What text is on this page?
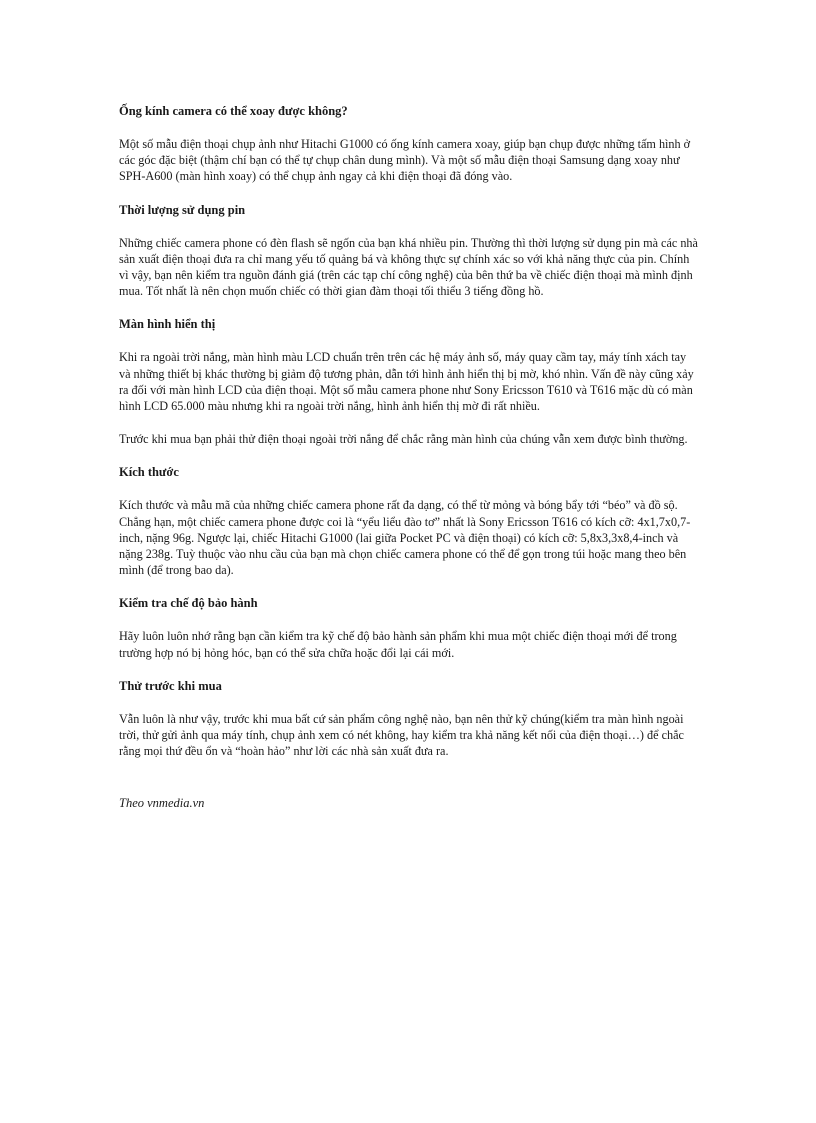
Ống kính camera có thể xoay được không?
Một số mẫu điện thoại chụp ảnh như Hitachi G1000 có ống kính camera xoay, giúp bạn chụp được những tấm hình ở các góc đặc biệt (thậm chí bạn có thể tự chụp chân dung mình). Và một số mẫu điện thoại Samsung dạng xoay như SPH-A600 (màn hình xoay) có thể chụp ảnh ngay cả khi điện thoại đã đóng vào.
Thời lượng sử dụng pin
Những chiếc camera phone có đèn flash sẽ ngốn của bạn khá nhiều pin. Thường thì thời lượng sử dụng pin mà các nhà sản xuất điện thoại đưa ra chỉ mang yếu tố quảng bá và không thực sự chính xác so với khả năng thực của pin. Chính vì vậy, bạn nên kiểm tra nguồn đánh giá (trên các tạp chí công nghệ) của bên thứ ba về chiếc điện thoại mà mình định mua. Tốt nhất là nên chọn muốn chiếc có thời gian đàm thoại tối thiểu 3 tiếng đồng hồ.
Màn hình hiển thị
Khi ra ngoài trời nắng, màn hình màu LCD chuẩn trên trên các hệ máy ảnh số, máy quay cầm tay, máy tính xách tay và những thiết bị khác thường bị giảm độ tương phản, dẫn tới hình ảnh hiển thị bị mờ, khó nhìn. Vấn đề này cũng xảy ra đối với màn hình LCD của điện thoại. Một số mẫu camera phone như Sony Ericsson T610 và T616 mặc dù có màn hình LCD 65.000 màu nhưng khi ra ngoài trời nắng, hình ảnh hiển thị mờ đi rất nhiều.
Trước khi mua bạn phải thử điện thoại ngoài trời nắng để chắc rằng màn hình của chúng vẫn xem được bình thường.
Kích thước
Kích thước và mẫu mã của những chiếc camera phone rất đa dạng, có thể từ mỏng và bóng bẩy tới “béo” và đồ sộ. Chẳng hạn, một chiếc camera phone được coi là “yểu liểu đào tơ” nhất là Sony Ericsson T616 có kích cỡ: 4x1,7x0,7-inch, nặng 96g. Ngược lại, chiếc Hitachi G1000 (lai giữa Pocket PC và điện thoại) có kích cỡ: 5,8x3,3x8,4-inch và nặng 238g. Tuỳ thuộc vào nhu cầu của bạn mà chọn chiếc camera phone có thể để gọn trong túi hoặc mang theo bên mình (để trong bao da).
Kiểm tra chế độ bảo hành
Hãy luôn luôn nhớ rằng bạn cần kiểm tra kỹ chế độ bảo hành sản phẩm khi mua một chiếc điện thoại mới để trong trường hợp nó bị hỏng hóc, bạn có thể sửa chữa hoặc đổi lại cái mới.
Thử trước khi mua
Vẫn luôn là như vậy, trước khi mua bất cứ sản phẩm công nghệ nào, bạn nên thử kỹ chúng(kiểm tra màn hình ngoài trời, thử gửi ảnh qua máy tính, chụp ảnh xem có nét không, hay kiểm tra khả năng kết nối của điện thoại…) để chắc rằng mọi thứ đều ổn và “hoàn hảo” như lời các nhà sản xuất đưa ra.
Theo vnmedia.vn
